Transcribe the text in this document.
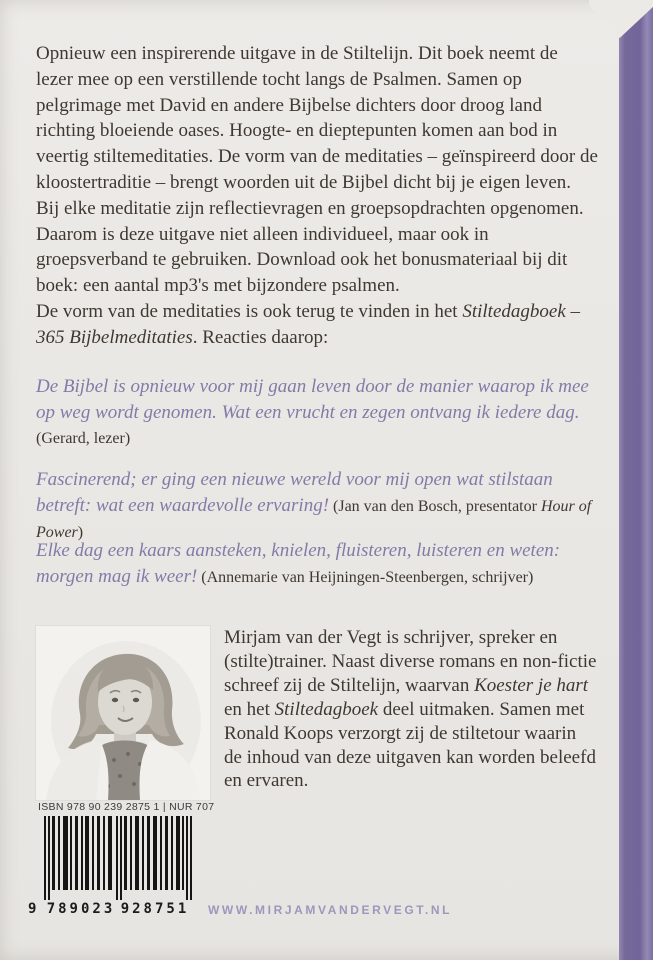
Opnieuw een inspirerende uitgave in de Stiltelijn. Dit boek neemt de lezer mee op een verstillende tocht langs de Psalmen. Samen op pelgrimage met David en andere Bijbelse dichters door droog land richting bloeiende oases. Hoogte- en dieptepunten komen aan bod in veertig stiltemeditaties. De vorm van de meditaties – geïnspireerd door de kloostertraditie – brengt woorden uit de Bijbel dicht bij je eigen leven. Bij elke meditatie zijn reflectievragen en groepsopdrachten opgenomen. Daarom is deze uitgave niet alleen individueel, maar ook in groepsverband te gebruiken. Download ook het bonusmateriaal bij dit boek: een aantal mp3's met bijzondere psalmen.

De vorm van de meditaties is ook terug te vinden in het Stiltedagboek – 365 Bijbelmeditaties. Reacties daarop:

De Bijbel is opnieuw voor mij gaan leven door de manier waarop ik mee op weg wordt genomen. Wat een vrucht en zegen ontvang ik iedere dag.

(Gerard, lezer)

Fascinerend; er ging een nieuwe wereld voor mij open wat stilstaan betreft: wat een waardevolle ervaring! (Jan van den Bosch, presentator Hour of Power)

Elke dag een kaars aansteken, knielen, fluisteren, luisteren en weten: morgen mag ik weer! (Annemarie van Heijningen-Steenbergen, schrijver)

Mirjam van der Vegt is schrijver, spreker en (stilte)trainer. Naast diverse romans en non-fictie schreef zij de Stiltelijn, waarvan Koester je hart en het Stiltedagboek deel uitmaken. Samen met Ronald Koops verzorgt zij de stiltetour waarin de inhoud van deze uitgaven kan worden beleefd en ervaren.

ISBN 978 90 239 2875 1 | NUR 707

9 789023 928751 WWW.MIRJAMVANDERVEGT.NL
